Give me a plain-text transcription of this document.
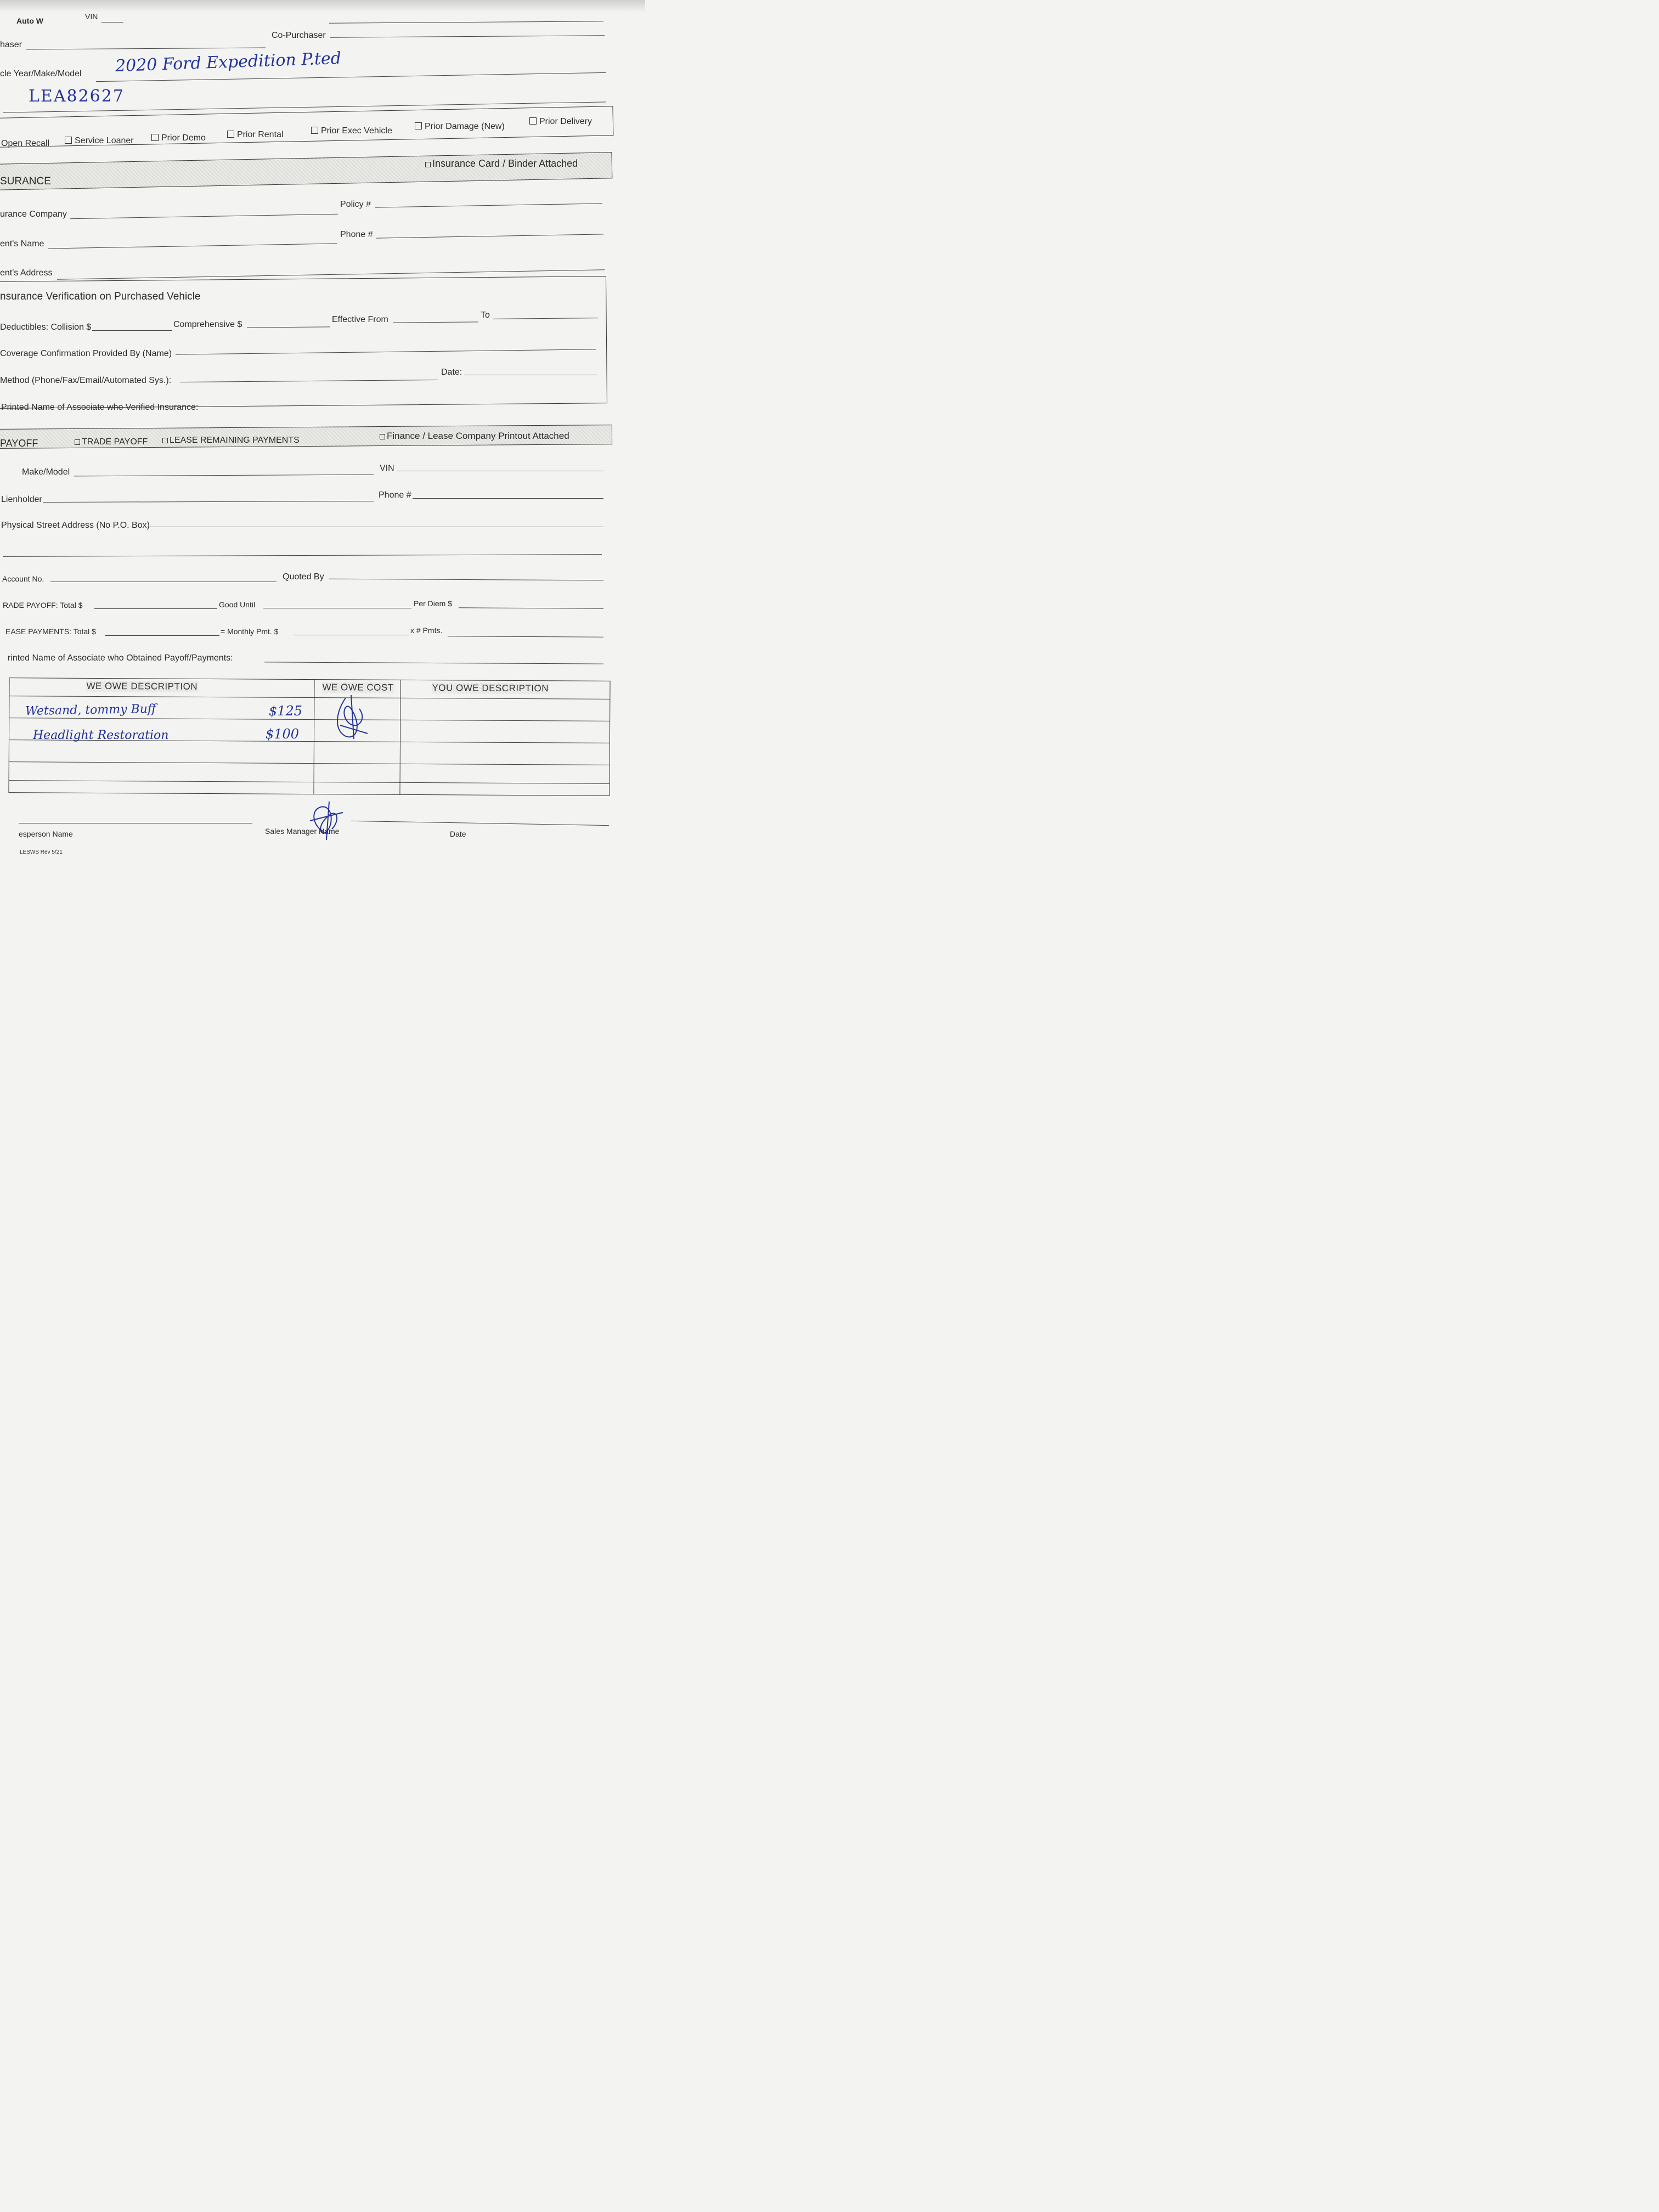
Auto W	VIN
haser
Co-Purchaser
cle Year/Make/Model 2020 Ford Expedition P.ted
LEA82627
Open Recall	Service Loaner	Prior Demo	Prior Rental	Prior Exec Vehicle	Prior Damage (New)
Prior Delivery
SURANCE
Insurance Card / Binder Attached
urance Company
Policy #
ent's Name
Phone #
ent's Address
nsurance Verification on Purchased Vehicle
Deductibles: Collision $	Comprehensive $
Effective From	To
Coverage Confirmation Provided By (Name)
Method (Phone/Fax/Email/Automated Sys.):
Date:
Printed Name of Associate who Verified Insurance:
PAYOFF	TRADE PAYOFF	LEASE REMAINING PAYMENTS	Finance / Lease Company Printout Attached
Make/Model	VIN
Lienholder	Phone #
Physical Street Address (No P.O. Box)
Account No.	Quoted By
RADE PAYOFF: Total $	Good Until	Per Diem $
EASE PAYMENTS: Total $	= Monthly Pmt. $	x # Pmts.
rinted Name of Associate who Obtained Payoff/Payments:
WE OWE DESCRIPTION	WE OWE COST	YOU OWE DESCRIPTION
Wetsand, tommy Buff	$125
Headlight Restoration	$100
esperson Name	Sales Manager Name	Date
LESWS Rev 5/21
